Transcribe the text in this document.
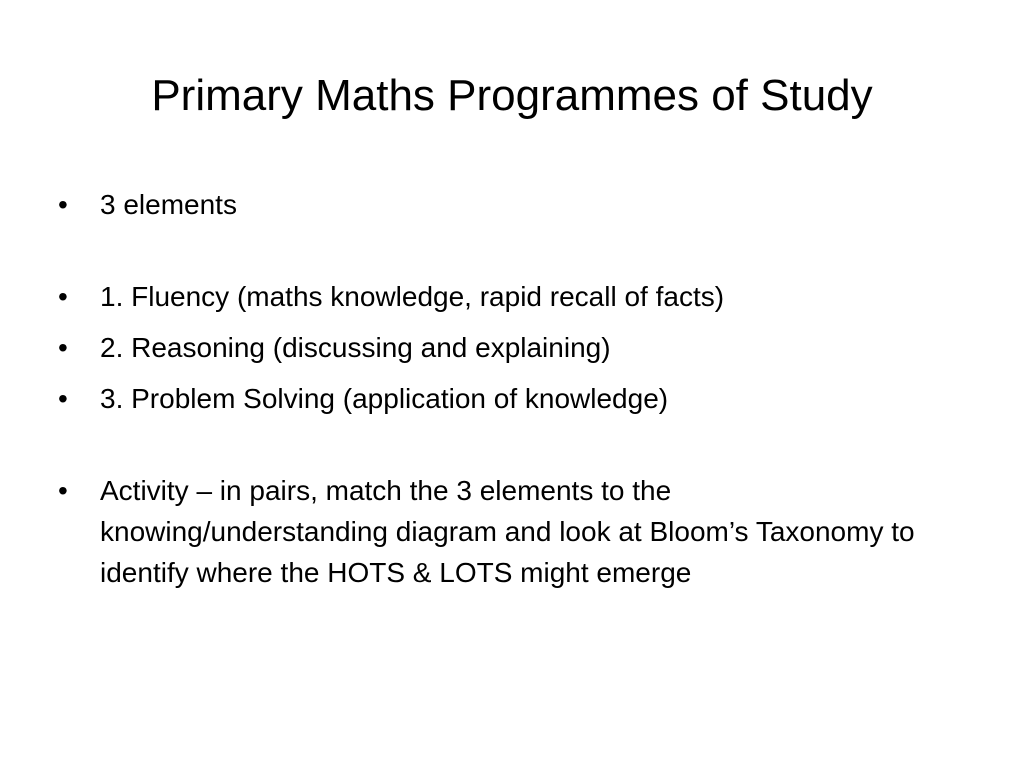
Primary Maths Programmes of Study
•	3 elements
•	1. Fluency (maths knowledge, rapid recall of facts)
•	2. Reasoning (discussing and explaining)
•	3. Problem Solving (application of knowledge)
•	Activity – in pairs, match the 3 elements to the knowing/understanding diagram and look at Bloom’s Taxonomy to identify where the HOTS & LOTS might emerge
